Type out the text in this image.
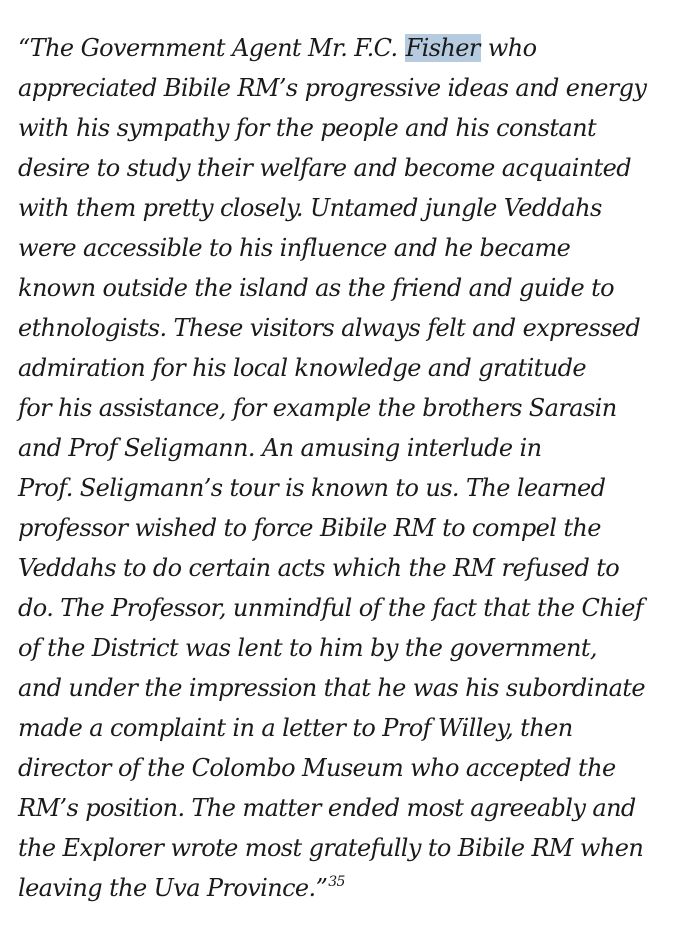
“The Government Agent Mr. F.C. Fisher who
appreciated Bibile RM’s progressive ideas and energy
with his sympathy for the people and his constant
desire to study their welfare and become acquainted
with them pretty closely. Untamed jungle Veddahs
were accessible to his influence and he became
known outside the island as the friend and guide to
ethnologists. These visitors always felt and expressed
admiration for his local knowledge and gratitude
for his assistance, for example the brothers Sarasin
and Prof Seligmann. An amusing interlude in
Prof. Seligmann’s tour is known to us. The learned
professor wished to force Bibile RM to compel the
Veddahs to do certain acts which the RM refused to
do. The Professor, unmindful of the fact that the Chief
of the District was lent to him by the government,
and under the impression that he was his subordinate
made a complaint in a letter to Prof Willey, then
director of the Colombo Museum who accepted the
RM’s position. The matter ended most agreeably and
the Explorer wrote most gratefully to Bibile RM when
leaving the Uva Province.”$^{35}$
